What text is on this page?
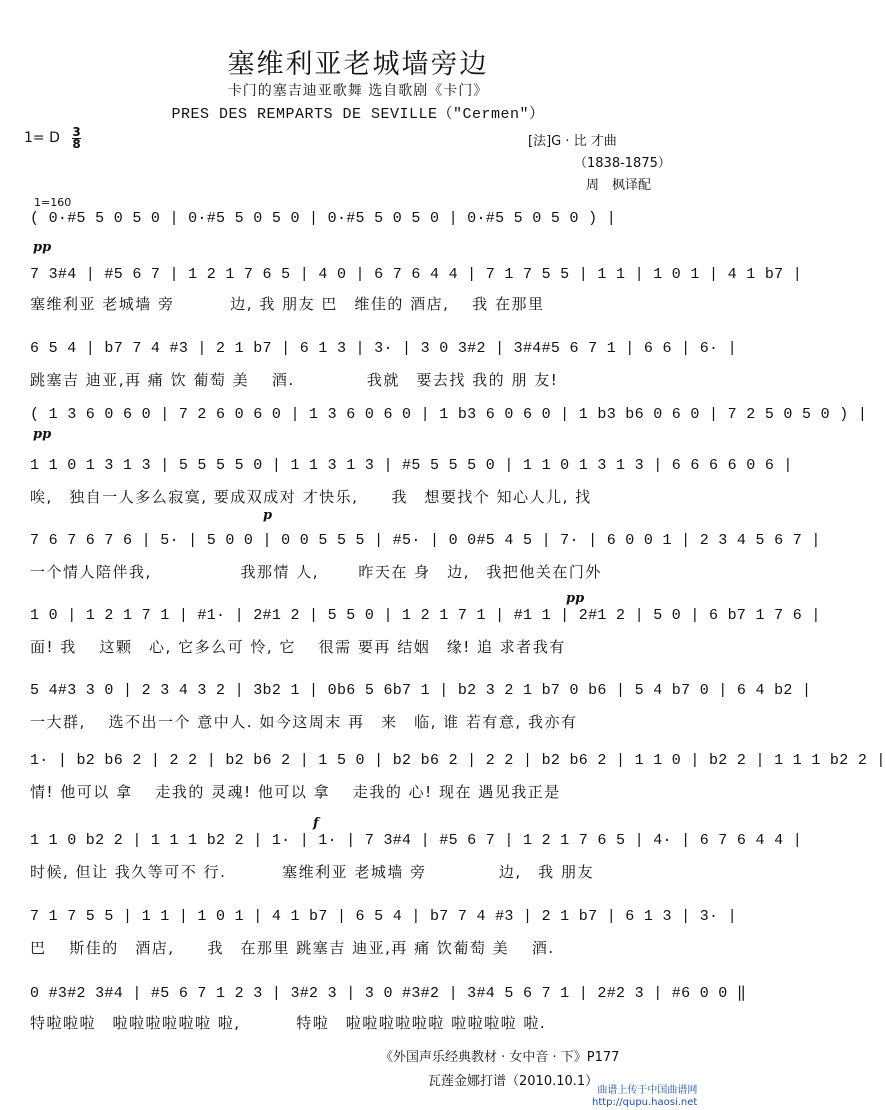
塞维利亚老城墙旁边
卡门的塞吉迪亚歌舞 选自歌剧《卡门》
PRES DES REMPARTS DE SEVILLE（"Cermen"）
1= D 3
8	[法]G · 比 才曲
（1838-1875）
周　枫译配
1=160
pp
pp
p
pp
f
( 0·#5 5 0 5 0 | 0·#5 5 0 5 0 | 0·#5 5 0 5 0 | 0·#5 5 0 5 0 ) |
7 3#4 | #5 6 7 | 1 2 1 7 6 5 | 4 0 | 6 7 6 4 4 | 7 1 7 5 5 | 1 1 | 1 0 1 | 4 1 b7 |
塞维利亚 老城墙 旁　　　 边, 我 朋友 巴　维佳的 酒店,　 我 在那里
6 5 4 | b7 7 4 #3 | 2 1 b7 | 6 1 3 | 3· | 3 0 3#2 | 3#4#5 6 7 1 | 6 6 | 6· |
跳塞吉 迪亚,再 痛 饮 葡萄 美　 酒.　　　　 我就　要去找 我的 朋 友!
( 1 3 6 0 6 0 | 7 2 6 0 6 0 | 1 3 6 0 6 0 | 1 b3 6 0 6 0 | 1 b3 b6 0 6 0 | 7 2 5 0 5 0 ) |
1 1 0 1 3 1 3 | 5 5 5 5 0 | 1 1 3 1 3 | #5 5 5 5 0 | 1 1 0 1 3 1 3 | 6 6 6 6 0 6 |
唉,　独自一人多么寂寞, 要成双成对 才快乐,　　我　想要找个 知心人儿, 找
7 6 7 6 7 6 | 5· | 5 0 0 | 0 0 5 5 5 | #5· | 0 0#5 4 5 | 7· | 6 0 0 1 | 2 3 4 5 6 7 |
一个情人陪伴我,　　　　　 我那情 人,　　 昨天在 身　边,　我把他关在门外
1 0 | 1 2 1 7 1 | #1· | 2#1 2 | 5 5 0 | 1 2 1 7 1 | #1 1 | 2#1 2 | 5 0 | 6 b7 1 7 6 |
面! 我　 这颗　心, 它多么可 怜, 它　 很需 要再 结姻　缘! 追 求者我有
5 4#3 3 0 | 2 3 4 3 2 | 3b2 1 | 0b6 5 6b7 1 | b2 3 2 1 b7 0 b6 | 5 4 b7 0 | 6 4 b2 |
一大群,　 选不出一个 意中人. 如今这周末 再　来　临, 谁 若有意, 我亦有
1· | b2 b6 2 | 2 2 | b2 b6 2 | 1 5 0 | b2 b6 2 | 2 2 | b2 b6 2 | 1 1 0 | b2 2 | 1 1 1 b2 2 |
情! 他可以 拿　 走我的 灵魂! 他可以 拿　 走我的 心! 现在 遇见我正是
1 1 0 b2 2 | 1 1 1 b2 2 | 1· | 1· | 7 3#4 | #5 6 7 | 1 2 1 7 6 5 | 4· | 6 7 6 4 4 |
时候, 但让 我久等可不 行.　　　 塞维利亚 老城墙 旁　　　　 边,　我 朋友
7 1 7 5 5 | 1 1 | 1 0 1 | 4 1 b7 | 6 5 4 | b7 7 4 #3 | 2 1 b7 | 6 1 3 | 3· |
巴　 斯佳的　酒店,　　我　在那里 跳塞吉 迪亚,再 痛 饮葡萄 美　 酒.
0 #3#2 3#4 | #5 6 7 1 2 3 | 3#2 3 | 3 0 #3#2 | 3#4 5 6 7 1 | 2#2 3 | #6 0 0 ‖
特啦啦啦　啦啦啦啦啦啦 啦,　　　 特啦　啦啦啦啦啦啦 啦啦啦啦 啦.
《外国声乐经典教材 · 女中音 · 下》P177
瓦莲金娜打谱（2010.10.1）
曲谱上传于中国曲谱网
http://qupu.haosi.net
